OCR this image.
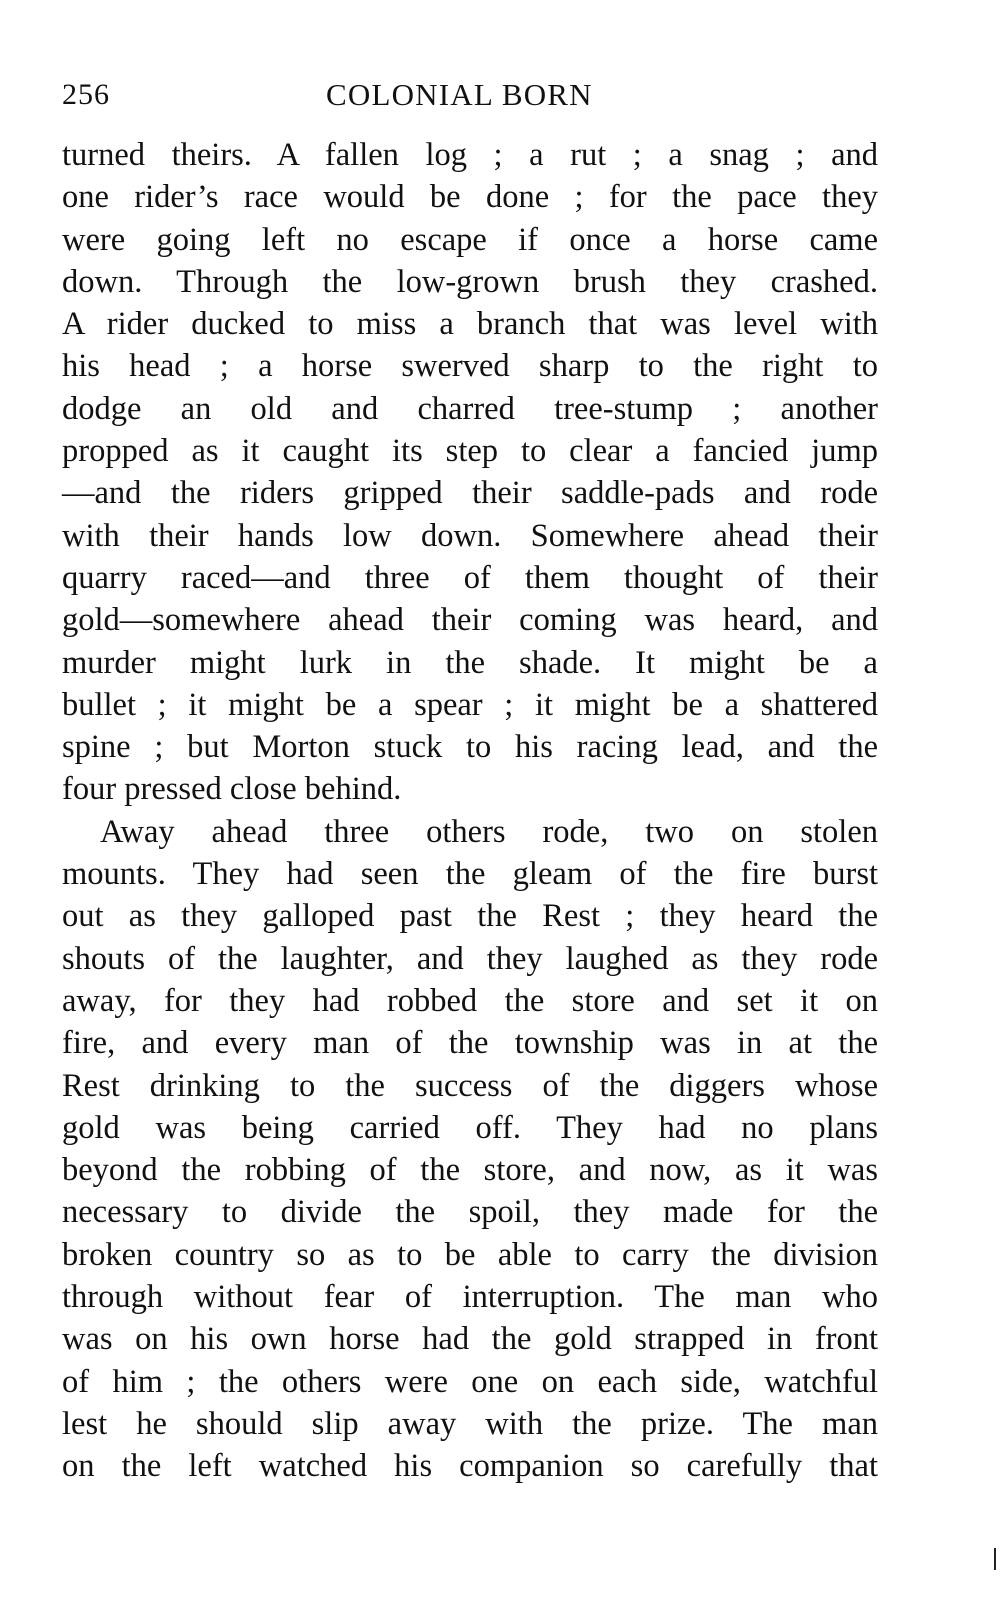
256	COLONIAL BORN
turned theirs. A fallen log ; a rut ; a snag ; and
one rider’s race would be done ; for the pace they
were going left no escape if once a horse came
down. Through the low-grown brush they crashed.
A rider ducked to miss a branch that was level with
his head ; a horse swerved sharp to the right to
dodge an old and charred tree-stump ; another
propped as it caught its step to clear a fancied jump
—and the riders gripped their saddle-pads and rode
with their hands low down. Somewhere ahead their
quarry raced—and three of them thought of their
gold—somewhere ahead their coming was heard, and
murder might lurk in the shade. It might be a
bullet ; it might be a spear ; it might be a shattered
spine ; but Morton stuck to his racing lead, and the
four pressed close behind.
Away ahead three others rode, two on stolen
mounts. They had seen the gleam of the fire burst
out as they galloped past the Rest ; they heard the
shouts of the laughter, and they laughed as they rode
away, for they had robbed the store and set it on
fire, and every man of the township was in at the
Rest drinking to the success of the diggers whose
gold was being carried off. They had no plans
beyond the robbing of the store, and now, as it was
necessary to divide the spoil, they made for the
broken country so as to be able to carry the division
through without fear of interruption. The man who
was on his own horse had the gold strapped in front
of him ; the others were one on each side, watchful
lest he should slip away with the prize. The man
on the left watched his companion so carefully that
